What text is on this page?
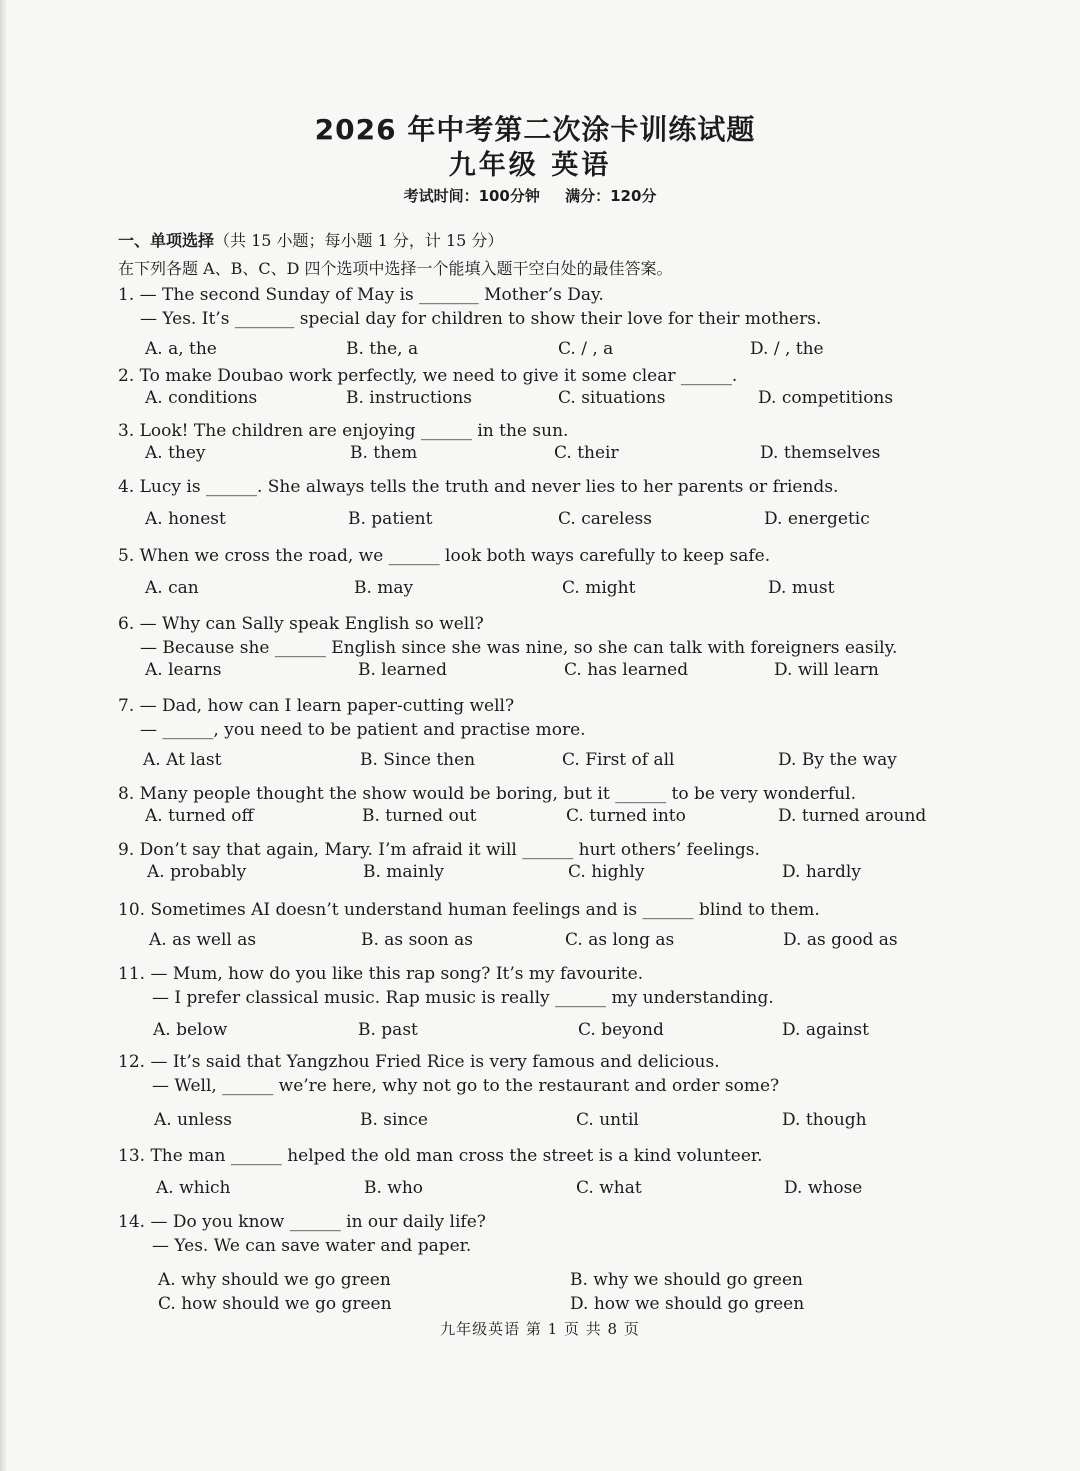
2026 年中考第二次涂卡训练试题
九年级 英语
考试时间：100分钟 满分：120分
一、单项选择（共 15 小题；每小题 1 分，计 15 分）
在下列各题 A、B、C、D 四个选项中选择一个能填入题干空白处的最佳答案。
1. — The second Sunday of May is _______ Mother’s Day.
— Yes. It’s _______ special day for children to show their love for their mothers.
A. a, the	B. the, a	C. / , a	D. / , the
2. To make Doubao work perfectly, we need to give it some clear ______.
A. conditions	B. instructions	C. situations	D. competitions
3. Look! The children are enjoying ______ in the sun.
A. they	B. them	C. their	D. themselves
4. Lucy is ______. She always tells the truth and never lies to her parents or friends.
A. honest	B. patient	C. careless	D. energetic
5. When we cross the road, we ______ look both ways carefully to keep safe.
A. can	B. may	C. might	D. must
6. — Why can Sally speak English so well?
— Because she ______ English since she was nine, so she can talk with foreigners easily.
A. learns	B. learned	C. has learned	D. will learn
7. — Dad, how can I learn paper-cutting well?
— ______, you need to be patient and practise more.
A. At last	B. Since then	C. First of all	D. By the way
8. Many people thought the show would be boring, but it ______ to be very wonderful.
A. turned off	B. turned out	C. turned into	D. turned around
9. Don’t say that again, Mary. I’m afraid it will ______ hurt others’ feelings.
A. probably	B. mainly	C. highly	D. hardly
10. Sometimes AI doesn’t understand human feelings and is ______ blind to them.
A. as well as	B. as soon as	C. as long as	D. as good as
11. — Mum, how do you like this rap song? It’s my favourite.
— I prefer classical music. Rap music is really ______ my understanding.
A. below	B. past	C. beyond	D. against
12. — It’s said that Yangzhou Fried Rice is very famous and delicious.
— Well, ______ we’re here, why not go to the restaurant and order some?
A. unless	B. since	C. until	D. though
13. The man ______ helped the old man cross the street is a kind volunteer.
A. which	B. who	C. what	D. whose
14. — Do you know ______ in our daily life?
— Yes. We can save water and paper.
A. why should we go green	B. why we should go green
C. how should we go green	D. how we should go green
九年级英语 第 1 页 共 8 页
